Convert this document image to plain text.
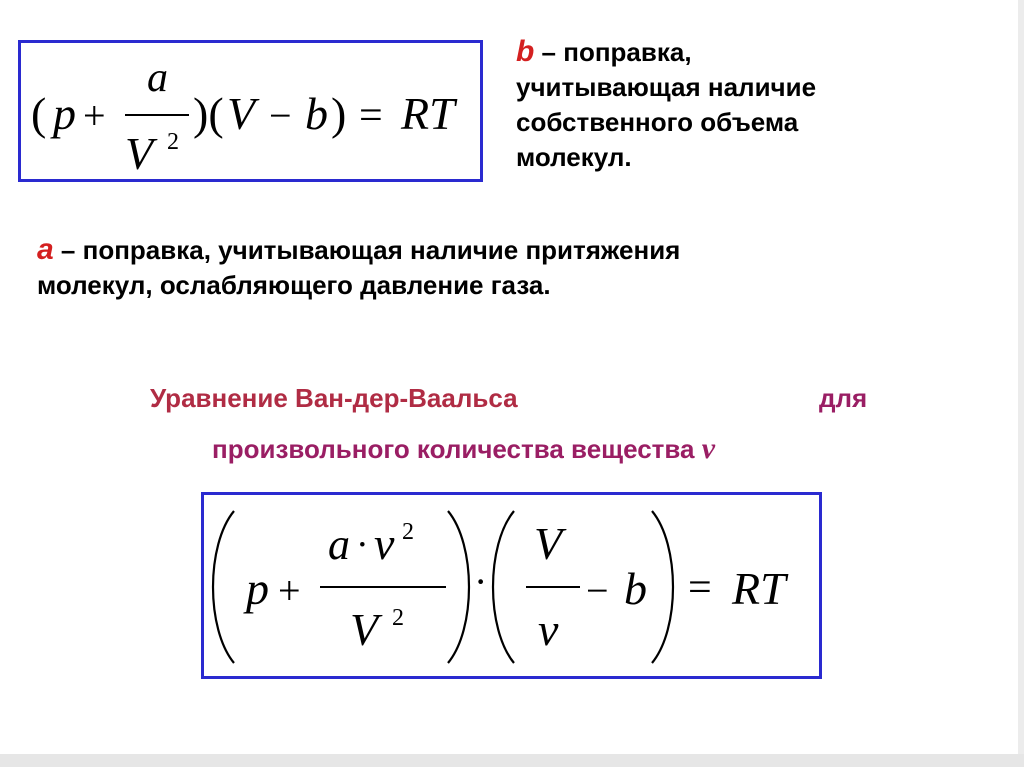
( p +
a
V 2
)( V − b ) = RT
b – поправка,
учитывающая наличие
собственного объема
молекул.
a – поправка, учитывающая наличие притяжения
молекул, ослабляющего давление газа.
Уравнение Ван-дер-Ваальса	для
произвольного количества вещества ν
p +
a · ν 2
V 2
·
V
ν
− b = RT
